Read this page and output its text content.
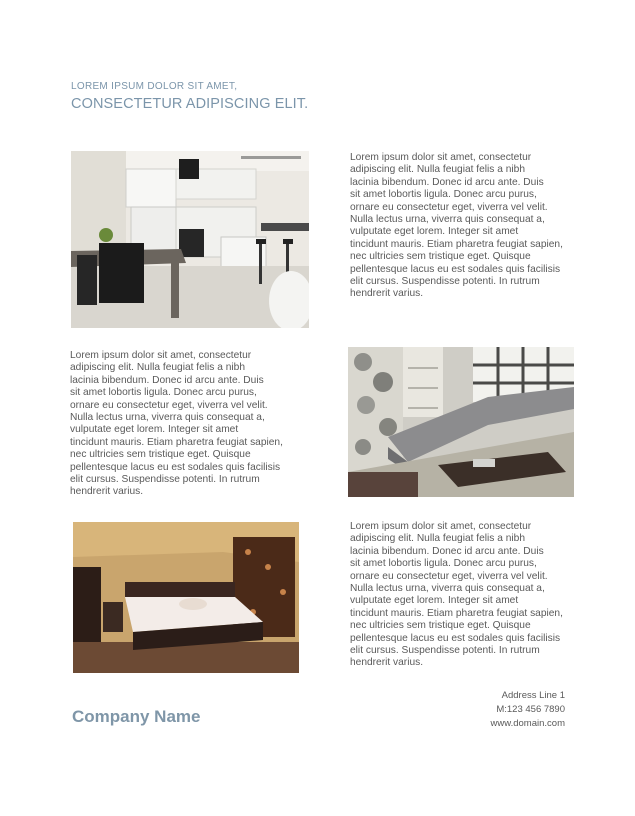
LOREM IPSUM DOLOR SIT AMET,
CONSECTETUR ADIPISCING ELIT.
Lorem ipsum dolor sit amet, consectetur
adipiscing elit. Nulla feugiat felis a nibh
lacinia bibendum. Donec id arcu ante. Duis
sit amet lobortis ligula. Donec arcu purus,
ornare eu consectetur eget, viverra vel velit.
Nulla lectus urna, viverra quis consequat a,
vulputate eget lorem. Integer sit amet
tincidunt mauris. Etiam pharetra feugiat sapien,
nec ultricies sem tristique eget. Quisque
pellentesque lacus eu est sodales quis facilisis
elit cursus. Suspendisse potenti. In rutrum
hendrerit varius.
Lorem ipsum dolor sit amet, consectetur
adipiscing elit. Nulla feugiat felis a nibh
lacinia bibendum. Donec id arcu ante. Duis
sit amet lobortis ligula. Donec arcu purus,
ornare eu consectetur eget, viverra vel velit.
Nulla lectus urna, viverra quis consequat a,
vulputate eget lorem. Integer sit amet
tincidunt mauris. Etiam pharetra feugiat sapien,
nec ultricies sem tristique eget. Quisque
pellentesque lacus eu est sodales quis facilisis
elit cursus. Suspendisse potenti. In rutrum
hendrerit varius.
Lorem ipsum dolor sit amet, consectetur
adipiscing elit. Nulla feugiat felis a nibh
lacinia bibendum. Donec id arcu ante. Duis
sit amet lobortis ligula. Donec arcu purus,
ornare eu consectetur eget, viverra vel velit.
Nulla lectus urna, viverra quis consequat a,
vulputate eget lorem. Integer sit amet
tincidunt mauris. Etiam pharetra feugiat sapien,
nec ultricies sem tristique eget. Quisque
pellentesque lacus eu est sodales quis facilisis
elit cursus. Suspendisse potenti. In rutrum
hendrerit varius.
Company Name
Address Line 1
M:123 456 7890
www.domain.com
